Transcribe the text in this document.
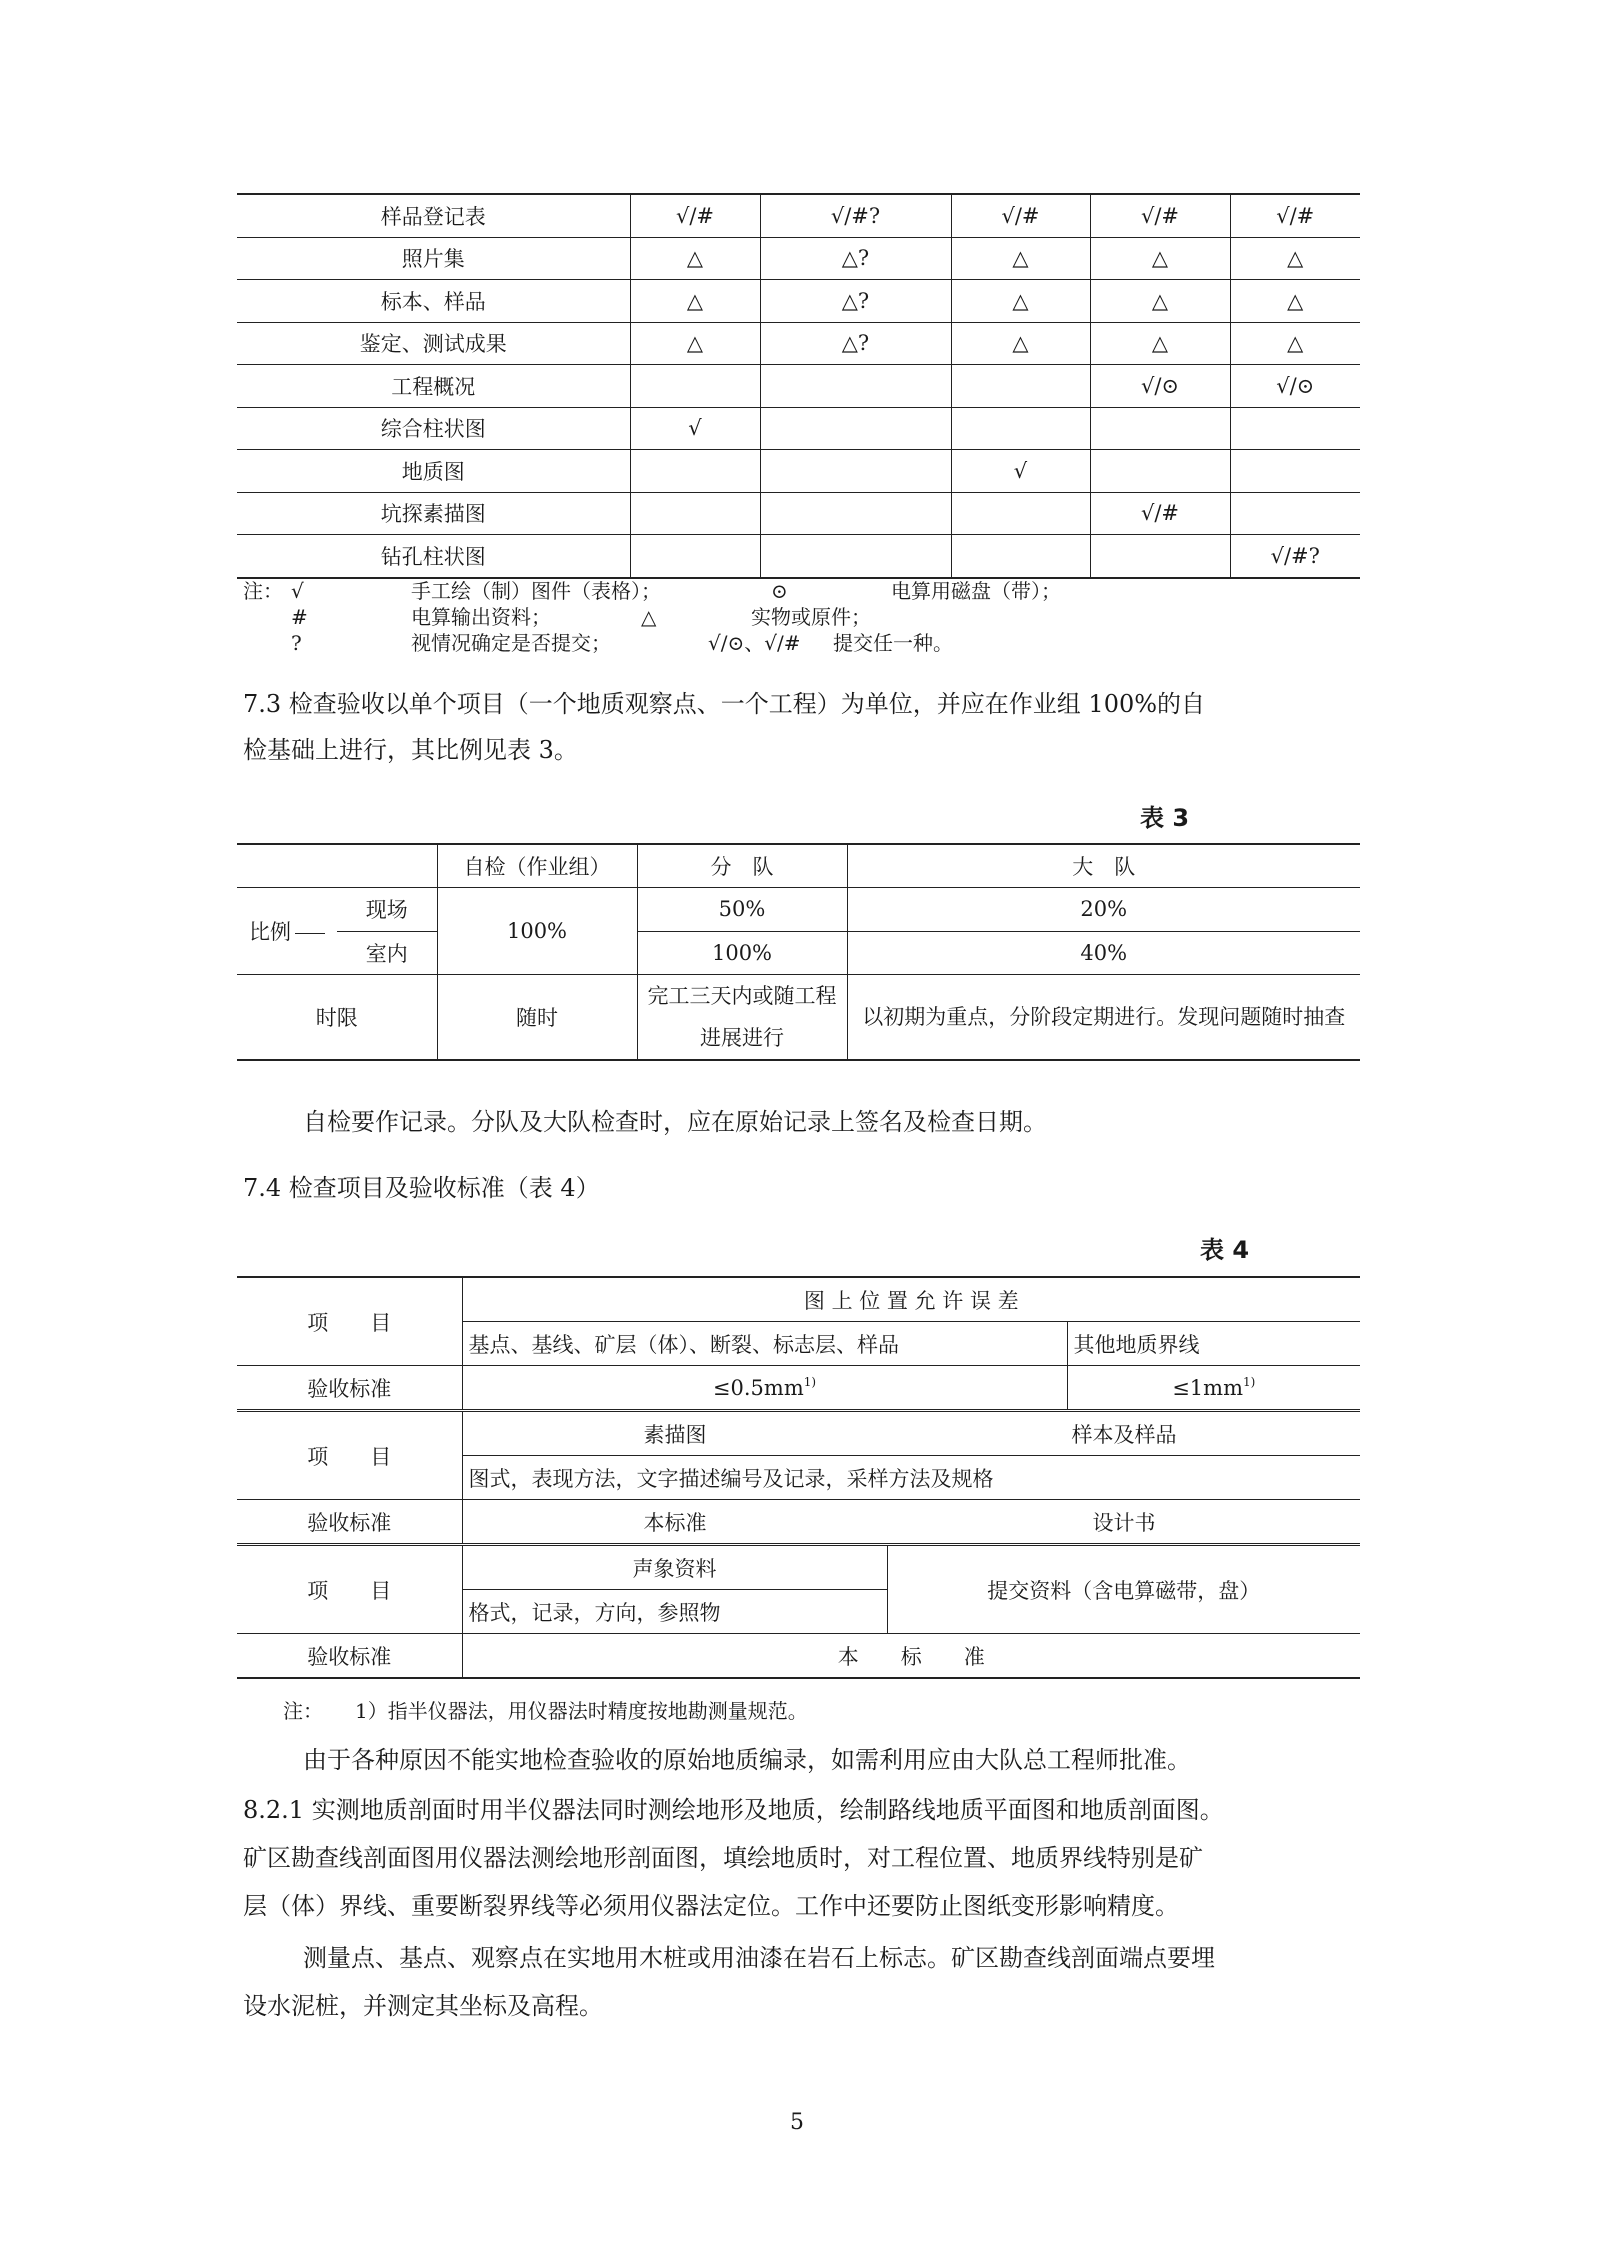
样品登记表	√/#	√/#?	√/#	√/#	√/#
照片集	△	△?	△	△	△
标本、样品	△	△?	△	△	△
鉴定、测试成果	△	△?	△	△	△
工程概况				√/⊙	√/⊙
综合柱状图	√				
地质图			√		
坑探素描图				√/#	
钻孔柱状图					√/#?
注： √	手工绘（制）图件（表格）；	⊙	电算用磁盘（带）；
#	电算输出资料；	△	实物或原件；
?	视情况确定是否提交；	√/⊙、√/# 提交任一种。
7.3 检查验收以单个项目（一个地质观察点、一个工程）为单位，并应在作业组 100%的自
检基础上进行，其比例见表 3。
表 3
		自检（作业组）	分　队	大　队
比例	现场	100%	50%	20%
	室内		100%	40%
时限		随时	完工三天内或随工程进展进行	以初期为重点，分阶段定期进行。发现问题随时抽查
自检要作记录。分队及大队检查时，应在原始记录上签名及检查日期。
7.4 检查项目及验收标准（表 4）
表 4
项　　目	图 上 位 置 允 许 误 差		
	基点、基线、矿层（体）、断裂、标志层、样品		其他地质界线
验收标准	$\le 0.5mm^{1)}$		$\le 1mm^{1)}$
项　　目	素描图 样本及样品		
	图式，表现方法，文字描述编号及记录，采样方法及规格		
验收标准	本标准 设计书		
项　　目	声象资料	提交资料（含电算磁带，盘）	
	格式，记录，方向，参照物		
验收标准	本　　标　　准		
注： 1）指半仪器法，用仪器法时精度按地勘测量规范。
由于各种原因不能实地检查验收的原始地质编录，如需利用应由大队总工程师批准。
8.2.1 实测地质剖面时用半仪器法同时测绘地形及地质，绘制路线地质平面图和地质剖面图。
矿区勘查线剖面图用仪器法测绘地形剖面图，填绘地质时，对工程位置、地质界线特别是矿
层（体）界线、重要断裂界线等必须用仪器法定位。工作中还要防止图纸变形影响精度。
测量点、基点、观察点在实地用木桩或用油漆在岩石上标志。矿区勘查线剖面端点要埋
设水泥桩，并测定其坐标及高程。
5
